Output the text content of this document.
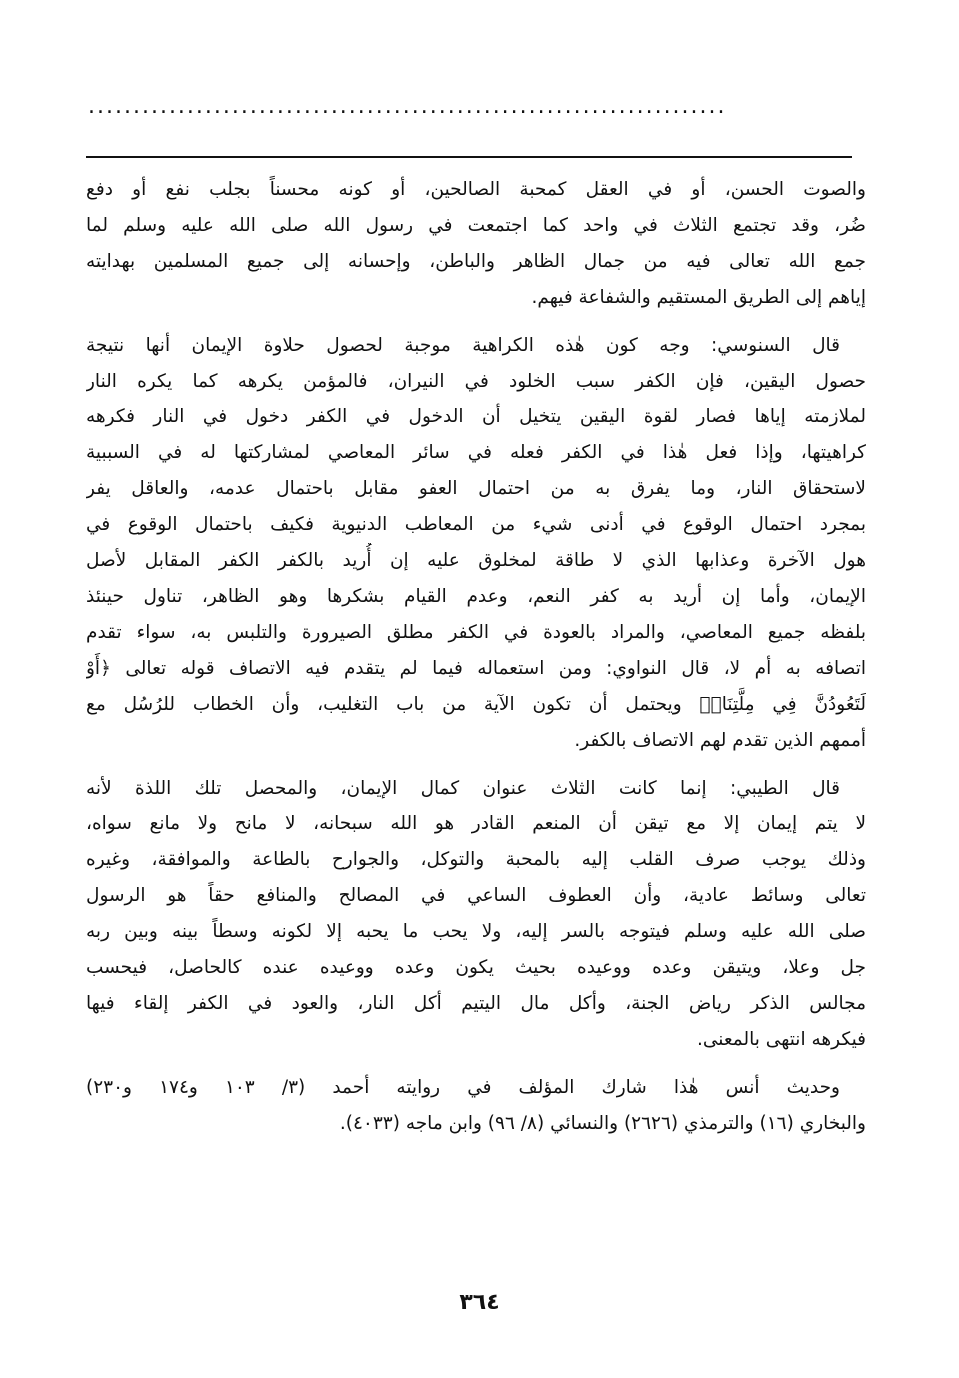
.......................................................................

والصوت الحسن، أو في العقل كمحبة الصالحين، أو كونه محسناً بجلب نفع أو دفع
ضُر، وقد تجتمع الثلاث في واحد كما اجتمعت في رسول الله صلى الله عليه وسلم لما
جمع الله تعالى فيه من جمال الظاهر والباطن، وإحسانه إلى جميع المسلمين بهدايته
إياهم إلى الطريق المستقيم والشفاعة فيهم.

قال السنوسي: وجه كون هٰذه الكراهية موجبة لحصول حلاوة الإيمان أنها نتيجة
حصول اليقين، فإن الكفر سبب الخلود في النيران، فالمؤمن يكرهه كما يكره النار
لملازمته إياها فصار لقوة اليقين يتخيل أن الدخول في الكفر دخول في النار فكرهه
كراهيتها، وإذا فعل هٰذا في الكفر فعله في سائر المعاصي لمشاركتها له في السببية
لاستحقاق النار، وما يفرق به من احتمال العفو مقابل باحتمال عدمه، والعاقل يفر
بمجرد احتمال الوقوع في أدنى شيء من المعاطب الدنيوية فكيف باحتمال الوقوع في
هول الآخرة وعذابها الذي لا طاقة لمخلوق عليه إن أُريد بالكفر الكفر المقابل لأصل
الإيمان، وأما إن أريد به كفر النعم، وعدم القيام بشكرها وهو الظاهر، تناول حينئذ
بلفظه جميع المعاصي، والمراد بالعودة في الكفر مطلق الصيرورة والتلبس به، سواء تقدم
اتصافه به أم لا، قال النواوي: ومن استعماله فيما لم يتقدم فيه الاتصاف قوله تعالى ﴿أَوْ
لَتَعُودُنَّ فِي مِلَّتِنَاۚ﴾ ويحتمل أن تكون الآية من باب التغليب، وأن الخطاب للرُسُل مع
أممهم الذين تقدم لهم الاتصاف بالكفر.

قال الطيبي: إنما كانت الثلاث عنوان كمال الإيمان، والمحصل تلك اللذة لأنه
لا يتم إيمان إلا مع تيقن أن المنعم القادر هو الله سبحانه، لا مانح ولا مانع سواه،
وذلك يوجب صرف القلب إليه بالمحبة والتوكل، والجوارح بالطاعة والموافقة، وغيره
تعالى وسائط عادية، وأن العطوف الساعي في المصالح والمنافع حقاً هو الرسول
صلى الله عليه وسلم فيتوجه بالسر إليه، ولا يحب ما يحبه إلا لكونه وسطاً بينه وبين ربه
جل وعلا، ويتيقن وعده ووعيده بحيث يكون وعده ووعيده عنده كالحاصل، فيحسب
مجالس الذكر رياض الجنة، وأكل مال اليتيم أكل النار، والعود في الكفر إلقاء فيها
فيكرهه انتهى بالمعنى.

وحديث أنس هٰذا شارك المؤلف في روايته أحمد (٣/ ١٠٣ و١٧٤ و٢٣٠)
والبخاري (١٦) والترمذي (٢٦٢٦) والنسائي (٨/ ٩٦) وابن ماجه (٤٠٣٣).

٣٦٤
